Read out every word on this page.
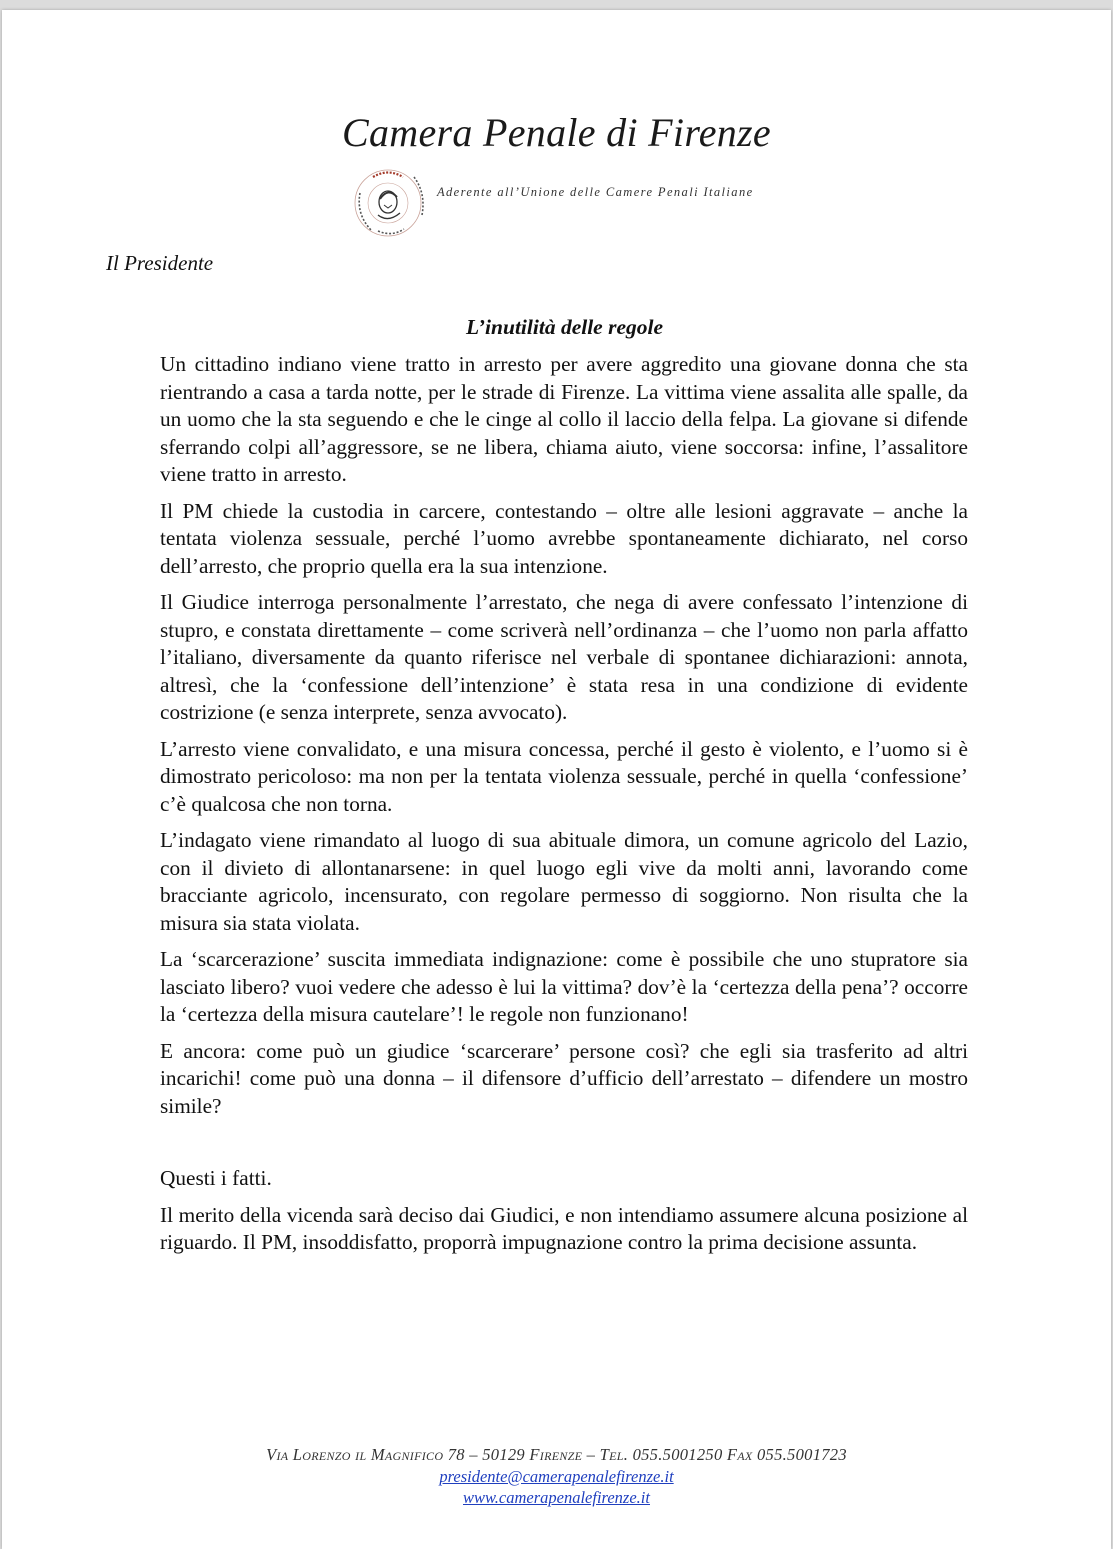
Camera Penale di Firenze
Aderente all’Unione delle Camere Penali Italiane
Il Presidente
L’inutilità delle regole

Un cittadino indiano viene tratto in arresto per avere aggredito una giovane donna che sta rientrando a casa a tarda notte, per le strade di Firenze. La vittima viene assalita alle spalle, da un uomo che la sta seguendo e che le cinge al collo il laccio della felpa. La giovane si difende sferrando colpi all’aggressore, se ne libera, chiama aiuto, viene soccorsa: infine, l’assalitore viene tratto in arresto.

Il PM chiede la custodia in carcere, contestando – oltre alle lesioni aggravate – anche la tentata violenza sessuale, perché l’uomo avrebbe spontaneamente dichiarato, nel corso dell’arresto, che proprio quella era la sua intenzione.

Il Giudice interroga personalmente l’arrestato, che nega di avere confessato l’intenzione di stupro, e constata direttamente – come scriverà nell’ordinanza – che l’uomo non parla affatto l’italiano, diversamente da quanto riferisce nel verbale di spontanee dichiarazioni: annota, altresì, che la ‘confessione dell’intenzione’ è stata resa in una condizione di evidente costrizione (e senza interprete, senza avvocato).

L’arresto viene convalidato, e una misura concessa, perché il gesto è violento, e l’uomo si è dimostrato pericoloso: ma non per la tentata violenza sessuale, perché in quella ‘confessione’ c’è qualcosa che non torna.

L’indagato viene rimandato al luogo di sua abituale dimora, un comune agricolo del Lazio, con il divieto di allontanarsene: in quel luogo egli vive da molti anni, lavorando come bracciante agricolo, incensurato, con regolare permesso di soggiorno. Non risulta che la misura sia stata violata.

La ‘scarcerazione’ suscita immediata indignazione: come è possibile che uno stupratore sia lasciato libero? vuoi vedere che adesso è lui la vittima? dov’è la ‘certezza della pena’? occorre la ‘certezza della misura cautelare’! le regole non funzionano!

E ancora: come può un giudice ‘scarcerare’ persone così? che egli sia trasferito ad altri incarichi! come può una donna – il difensore d’ufficio dell’arrestato – difendere un mostro simile?

Questi i fatti.

Il merito della vicenda sarà deciso dai Giudici, e non intendiamo assumere alcuna posizione al riguardo. Il PM, insoddisfatto, proporrà impugnazione contro la prima decisione assunta.

Via Lorenzo il Magnifico 78 – 50129 Firenze – Tel. 055.5001250 Fax 055.5001723
presidente@camerapenalefirenze.it
www.camerapenalefirenze.it
